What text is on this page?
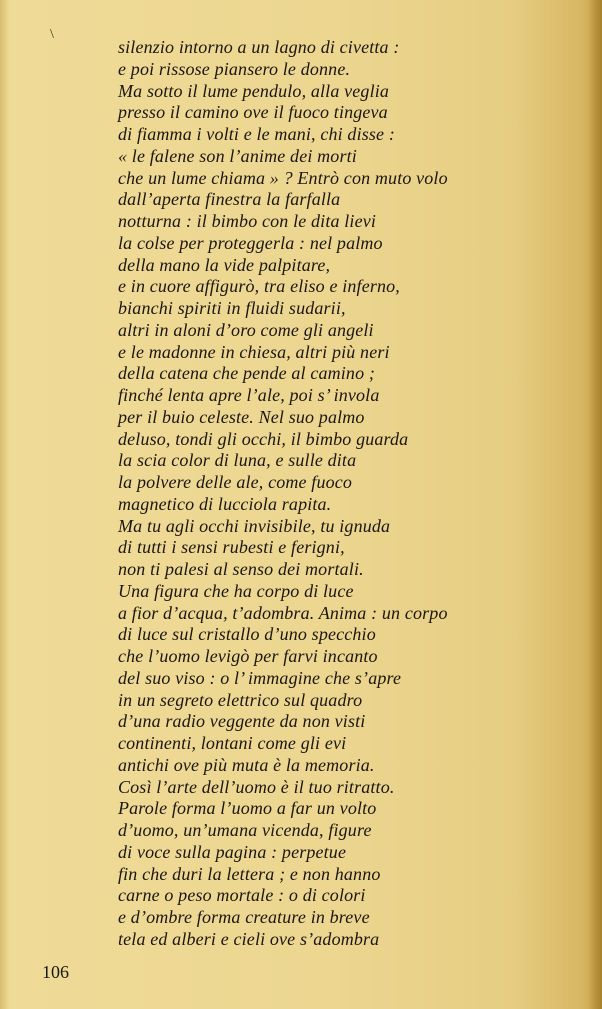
\
silenzio intorno a un lagno di civetta :
e poi rissose piansero le donne.
Ma sotto il lume pendulo, alla veglia
presso il camino ove il fuoco tingeva
di fiamma i volti e le mani, chi disse :
« le falene son l’anime dei morti
che un lume chiama » ? Entrò con muto volo
dall’aperta finestra la farfalla
notturna : il bimbo con le dita lievi
la colse per proteggerla : nel palmo
della mano la vide palpitare,
e in cuore affigurò, tra eliso e inferno,
bianchi spiriti in fluidi sudarii,
altri in aloni d’oro come gli angeli
e le madonne in chiesa, altri più neri
della catena che pende al camino ;
finché lenta apre l’ale, poi s’ invola
per il buio celeste. Nel suo palmo
deluso, tondi gli occhi, il bimbo guarda
la scia color di luna, e sulle dita
la polvere delle ale, come fuoco
magnetico di lucciola rapita.
Ma tu agli occhi invisibile, tu ignuda
di tutti i sensi rubesti e ferigni,
non ti palesi al senso dei mortali.
Una figura che ha corpo di luce
a fior d’acqua, t’adombra. Anima : un corpo
di luce sul cristallo d’uno specchio
che l’uomo levigò per farvi incanto
del suo viso : o l’ immagine che s’apre
in un segreto elettrico sul quadro
d’una radio veggente da non visti
continenti, lontani come gli evi
antichi ove più muta è la memoria.
Così l’arte dell’uomo è il tuo ritratto.
Parole forma l’uomo a far un volto
d’uomo, un’umana vicenda, figure
di voce sulla pagina : perpetue
fin che duri la lettera ; e non hanno
carne o peso mortale : o di colori
e d’ombre forma creature in breve
tela ed alberi e cieli ove s’adombra
106
